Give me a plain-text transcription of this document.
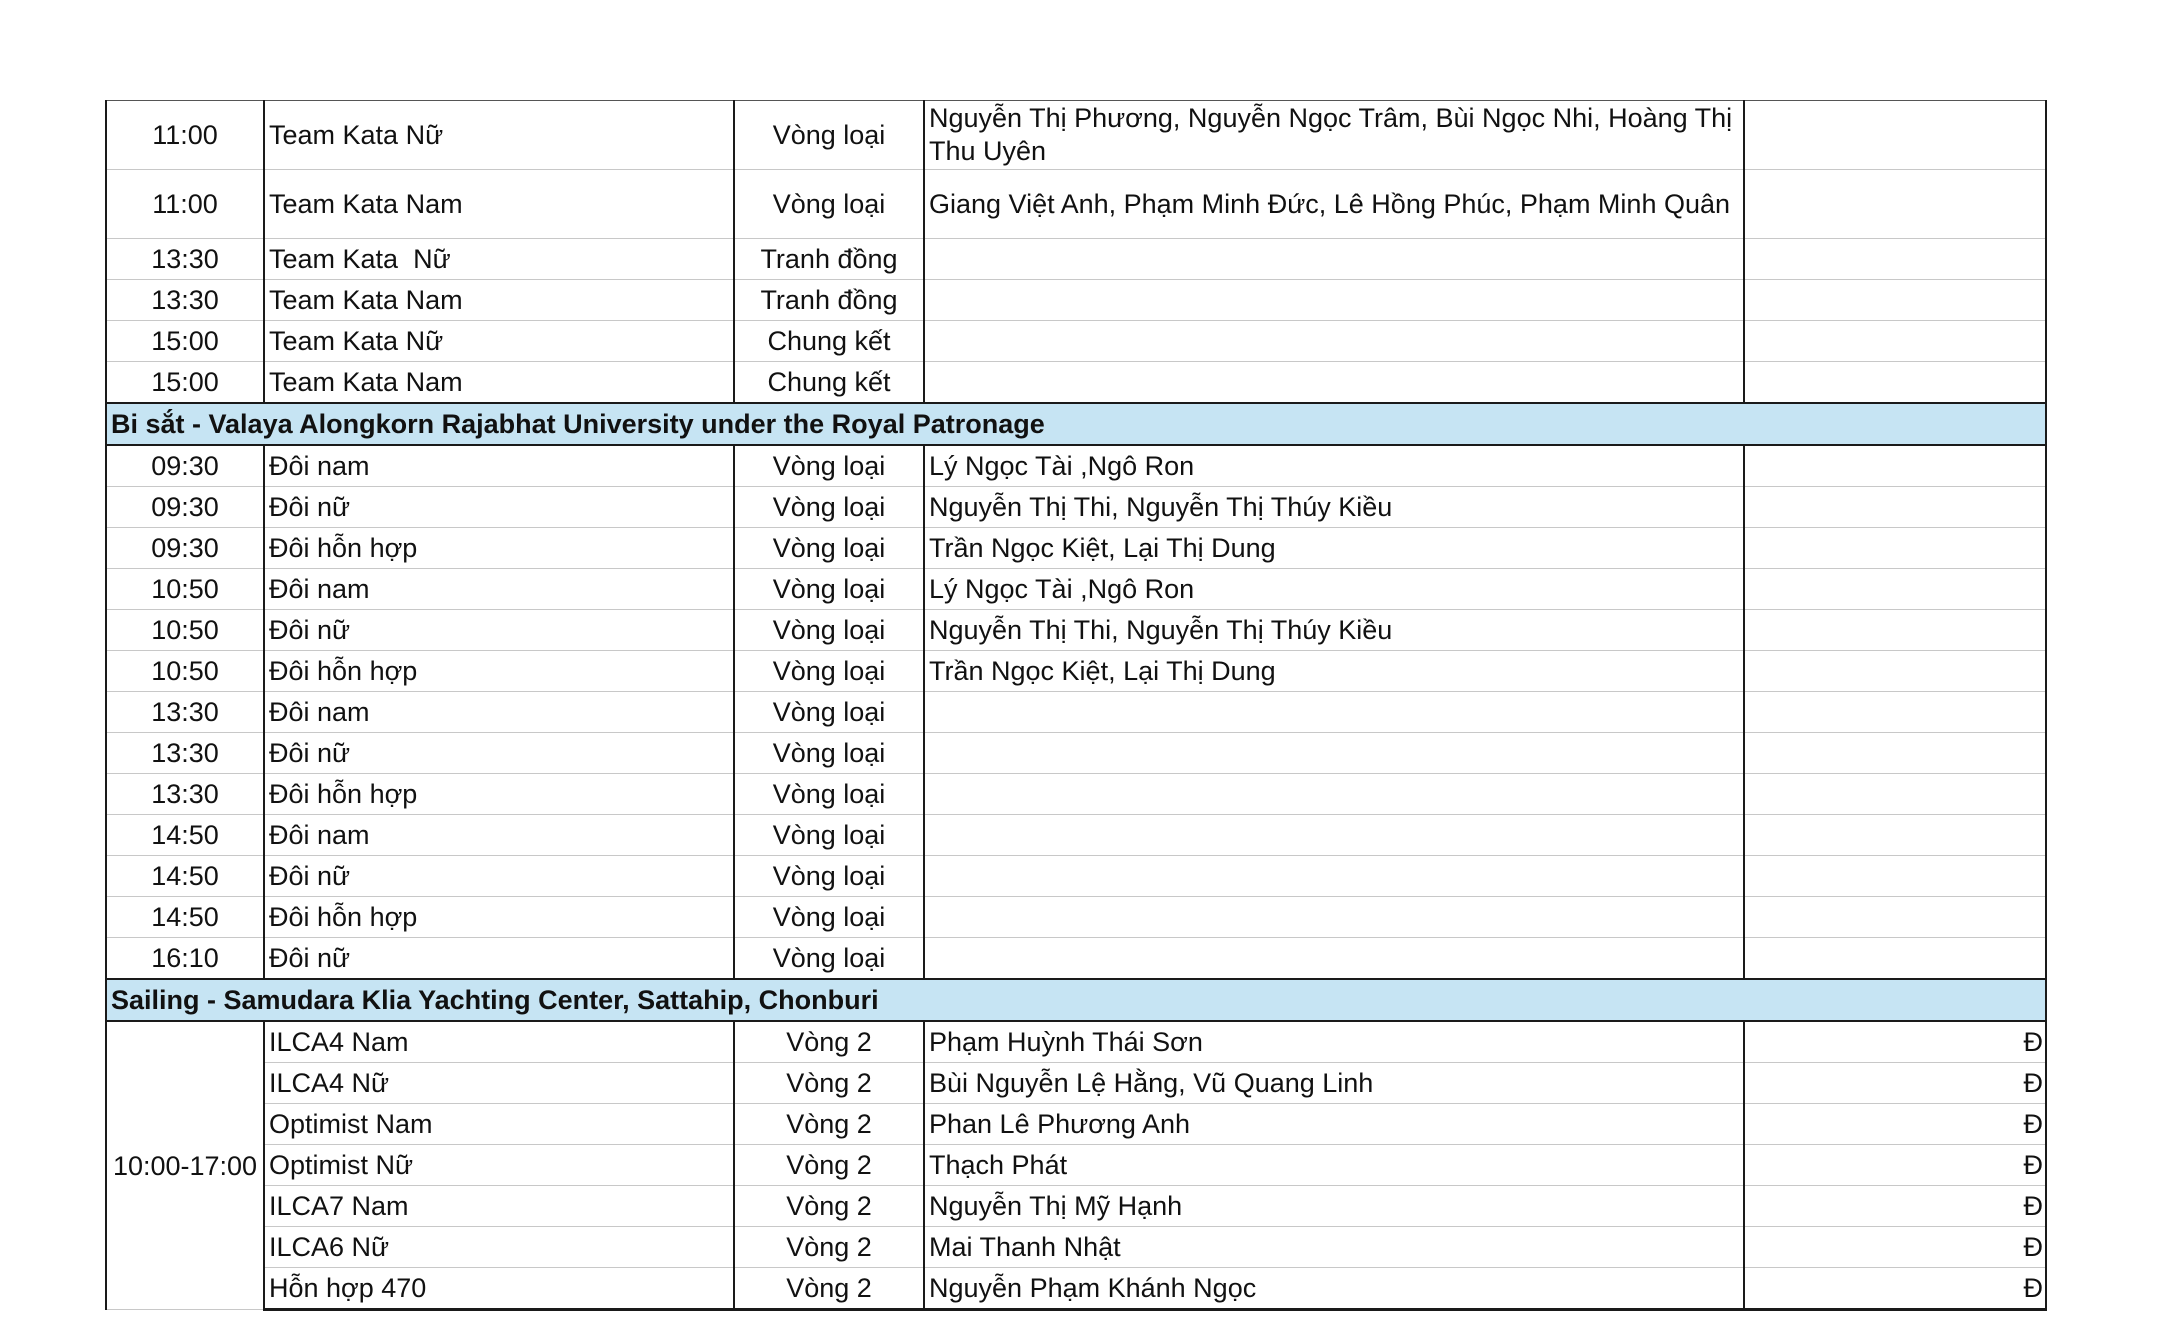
11:00	Team Kata Nữ	Vòng loại	Nguyễn Thị Phương, Nguyễn Ngọc Trâm, Bùi Ngọc Nhi, Hoàng Thị Thu Uyên	
11:00	Team Kata Nam	Vòng loại	Giang Việt Anh, Phạm Minh Đức, Lê Hồng Phúc, Phạm Minh Quân	
13:30	Team Kata  Nữ	Tranh đồng		
13:30	Team Kata Nam	Tranh đồng		
15:00	Team Kata Nữ	Chung kết		
15:00	Team Kata Nam	Chung kết		
Bi sắt - Valaya Alongkorn Rajabhat University under the Royal Patronage				
09:30	Đôi nam	Vòng loại	Lý Ngọc Tài ,Ngô Ron	
09:30	Đôi nữ	Vòng loại	Nguyễn Thị Thi, Nguyễn Thị Thúy Kiều	
09:30	Đôi hỗn hợp	Vòng loại	Trần Ngọc Kiệt, Lại Thị Dung	
10:50	Đôi nam	Vòng loại	Lý Ngọc Tài ,Ngô Ron	
10:50	Đôi nữ	Vòng loại	Nguyễn Thị Thi, Nguyễn Thị Thúy Kiều	
10:50	Đôi hỗn hợp	Vòng loại	Trần Ngọc Kiệt, Lại Thị Dung	
13:30	Đôi nam	Vòng loại		
13:30	Đôi nữ	Vòng loại		
13:30	Đôi hỗn hợp	Vòng loại		
14:50	Đôi nam	Vòng loại		
14:50	Đôi nữ	Vòng loại		
14:50	Đôi hỗn hợp	Vòng loại		
16:10	Đôi nữ	Vòng loại		
Sailing - Samudara Klia Yachting Center, Sattahip, Chonburi				
10:00-17:00	ILCA4 Nam	Vòng 2	Phạm Huỳnh Thái Sơn	Đ
	ILCA4 Nữ	Vòng 2	Bùi Nguyễn Lệ Hằng, Vũ Quang Linh	Đ
	Optimist Nam	Vòng 2	Phan Lê Phương Anh	Đ
	Optimist Nữ	Vòng 2	Thạch Phát	Đ
	ILCA7 Nam	Vòng 2	Nguyễn Thị Mỹ Hạnh	Đ
	ILCA6 Nữ	Vòng 2	Mai Thanh Nhật	Đ
	Hỗn hợp 470	Vòng 2	Nguyễn Phạm Khánh Ngọc	Đ
